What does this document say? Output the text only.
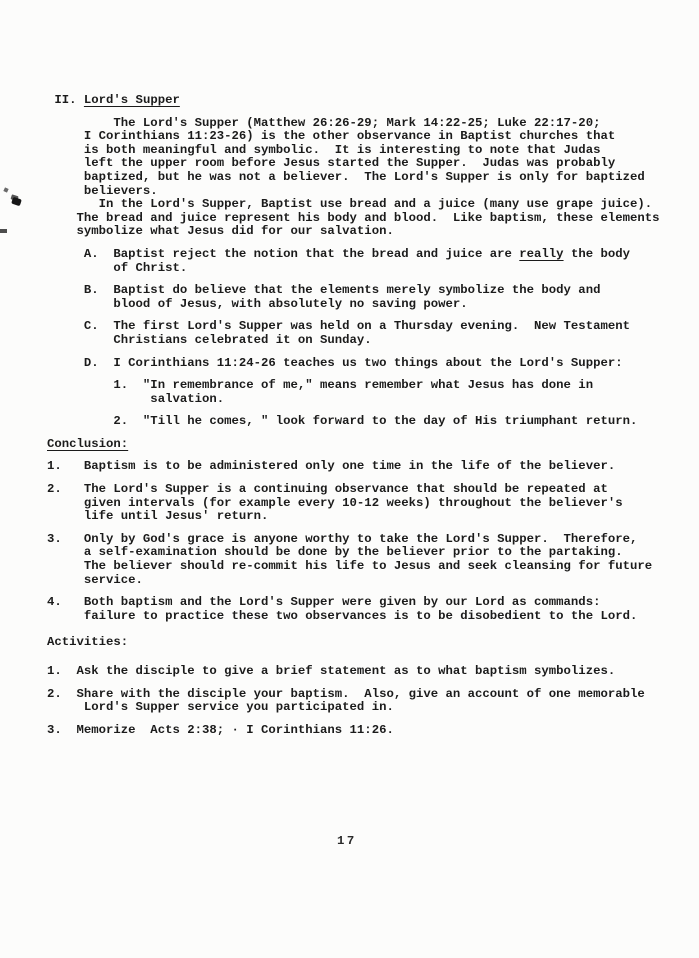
II. Lord's Supper
The Lord's Supper (Matthew 26:26-29; Mark 14:22-25; Luke 22:17-20;
I Corinthians 11:23-26) is the other observance in Baptist churches that
is both meaningful and symbolic.  It is interesting to note that Judas
left the upper room before Jesus started the Supper.  Judas was probably
baptized, but he was not a believer.  The Lord's Supper is only for baptized
believers.
In the Lord's Supper, Baptist use bread and a juice (many use grape juice).
The bread and juice represent his body and blood.  Like baptism, these elements
symbolize what Jesus did for our salvation.
A.  Baptist reject the notion that the bread and juice are really the body
of Christ.
B.  Baptist do believe that the elements merely symbolize the body and
blood of Jesus, with absolutely no saving power.
C.  The first Lord's Supper was held on a Thursday evening.  New Testament
Christians celebrated it on Sunday.
D.  I Corinthians 11:24-26 teaches us two things about the Lord's Supper:
1.  "In remembrance of me," means remember what Jesus has done in
salvation.
2.  "Till he comes, " look forward to the day of His triumphant return.
Conclusion:
1.   Baptism is to be administered only one time in the life of the believer.
2.   The Lord's Supper is a continuing observance that should be repeated at
given intervals (for example every 10-12 weeks) throughout the believer's
life until Jesus' return.
3.   Only by God's grace is anyone worthy to take the Lord's Supper.  Therefore,
a self-examination should be done by the believer prior to the partaking.
The believer should re-commit his life to Jesus and seek cleansing for future
service.
4.   Both baptism and the Lord's Supper were given by our Lord as commands:
failure to practice these two observances is to be disobedient to the Lord.
Activities:
1.  Ask the disciple to give a brief statement as to what baptism symbolizes.
2.  Share with the disciple your baptism.  Also, give an account of one memorable
Lord's Supper service you participated in.
3.  Memorize  Acts 2:38; · I Corinthians 11:26.
17
